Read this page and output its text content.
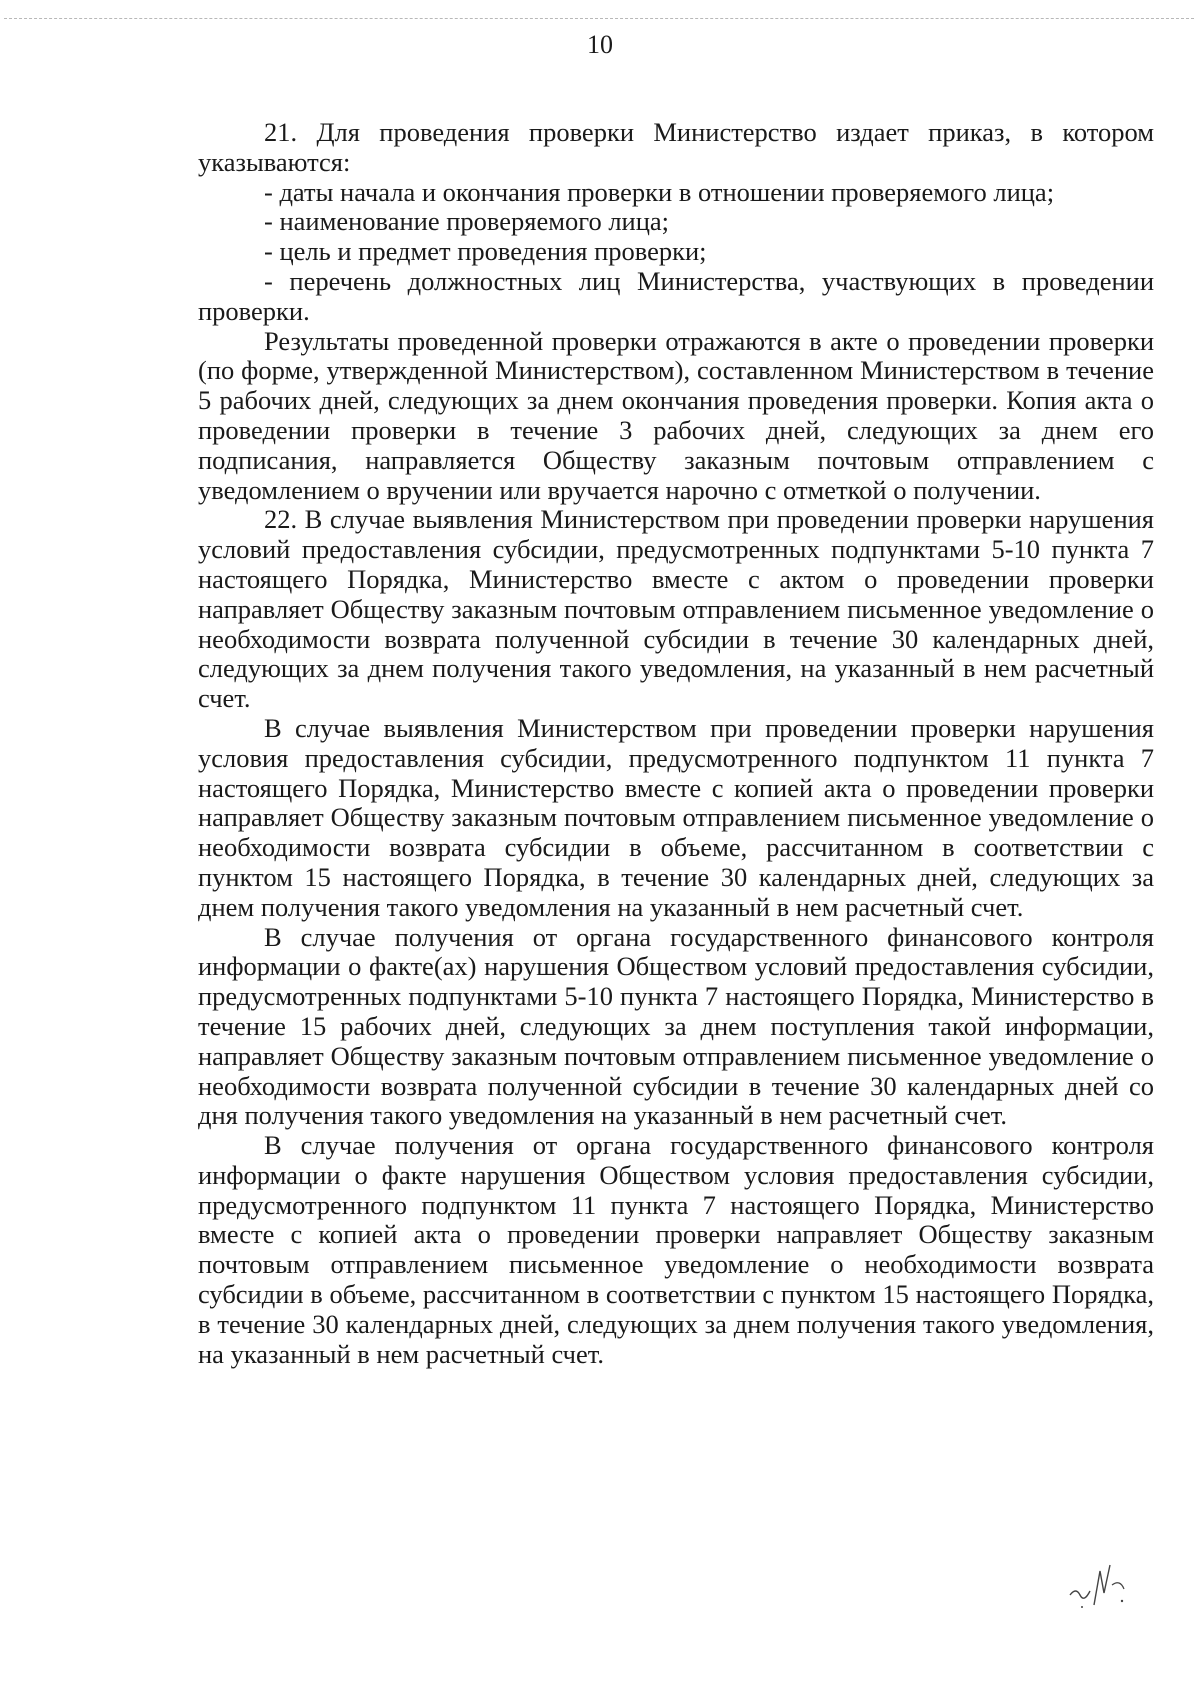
10

21. Для проведения проверки Министерство издает приказ, в котором указываются:

- даты начала и окончания проверки в отношении проверяемого лица;

- наименование проверяемого лица;

- цель и предмет проведения проверки;

- перечень должностных лиц Министерства, участвующих в проведении проверки.

Результаты проведенной проверки отражаются в акте о проведении проверки (по форме, утвержденной Министерством), составленном Министерством в течение 5 рабочих дней, следующих за днем окончания проведения проверки. Копия акта о проведении проверки в течение 3 рабочих дней, следующих за днем его подписания, направляется Обществу заказным почтовым отправлением с уведомлением о вручении или вручается нарочно с отметкой о получении.

22. В случае выявления Министерством при проведении проверки нарушения условий предоставления субсидии, предусмотренных подпунктами 5-10 пункта 7 настоящего Порядка, Министерство вместе с актом о проведении проверки направляет Обществу заказным почтовым отправлением письменное уведомление о необходимости возврата полученной субсидии в течение 30 календарных дней, следующих за днем получения такого уведомления, на указанный в нем расчетный счет.

В случае выявления Министерством при проведении проверки нарушения условия предоставления субсидии, предусмотренного подпунктом 11 пункта 7 настоящего Порядка, Министерство вместе с копией акта о проведении проверки направляет Обществу заказным почтовым отправлением письменное уведомление о необходимости возврата субсидии в объеме, рассчитанном в соответствии с пунктом 15 настоящего Порядка, в течение 30 календарных дней, следующих за днем получения такого уведомления на указанный в нем расчетный счет.

В случае получения от органа государственного финансового контроля информации о факте(ах) нарушения Обществом условий предоставления субсидии, предусмотренных подпунктами 5-10 пункта 7 настоящего Порядка, Министерство в течение 15 рабочих дней, следующих за днем поступления такой информации, направляет Обществу заказным почтовым отправлением письменное уведомление о необходимости возврата полученной субсидии в течение 30 календарных дней со дня получения такого уведомления на указанный в нем расчетный счет.

В случае получения от органа государственного финансового контроля информации о факте нарушения Обществом условия предоставления субсидии, предусмотренного подпунктом 11 пункта 7 настоящего Порядка, Министерство вместе с копией акта о проведении проверки направляет Обществу заказным почтовым отправлением письменное уведомление о необходимости возврата субсидии в объеме, рассчитанном в соответствии с пунктом 15 настоящего Порядка, в течение 30 календарных дней, следующих за днем получения такого уведомления, на указанный в нем расчетный счет.
